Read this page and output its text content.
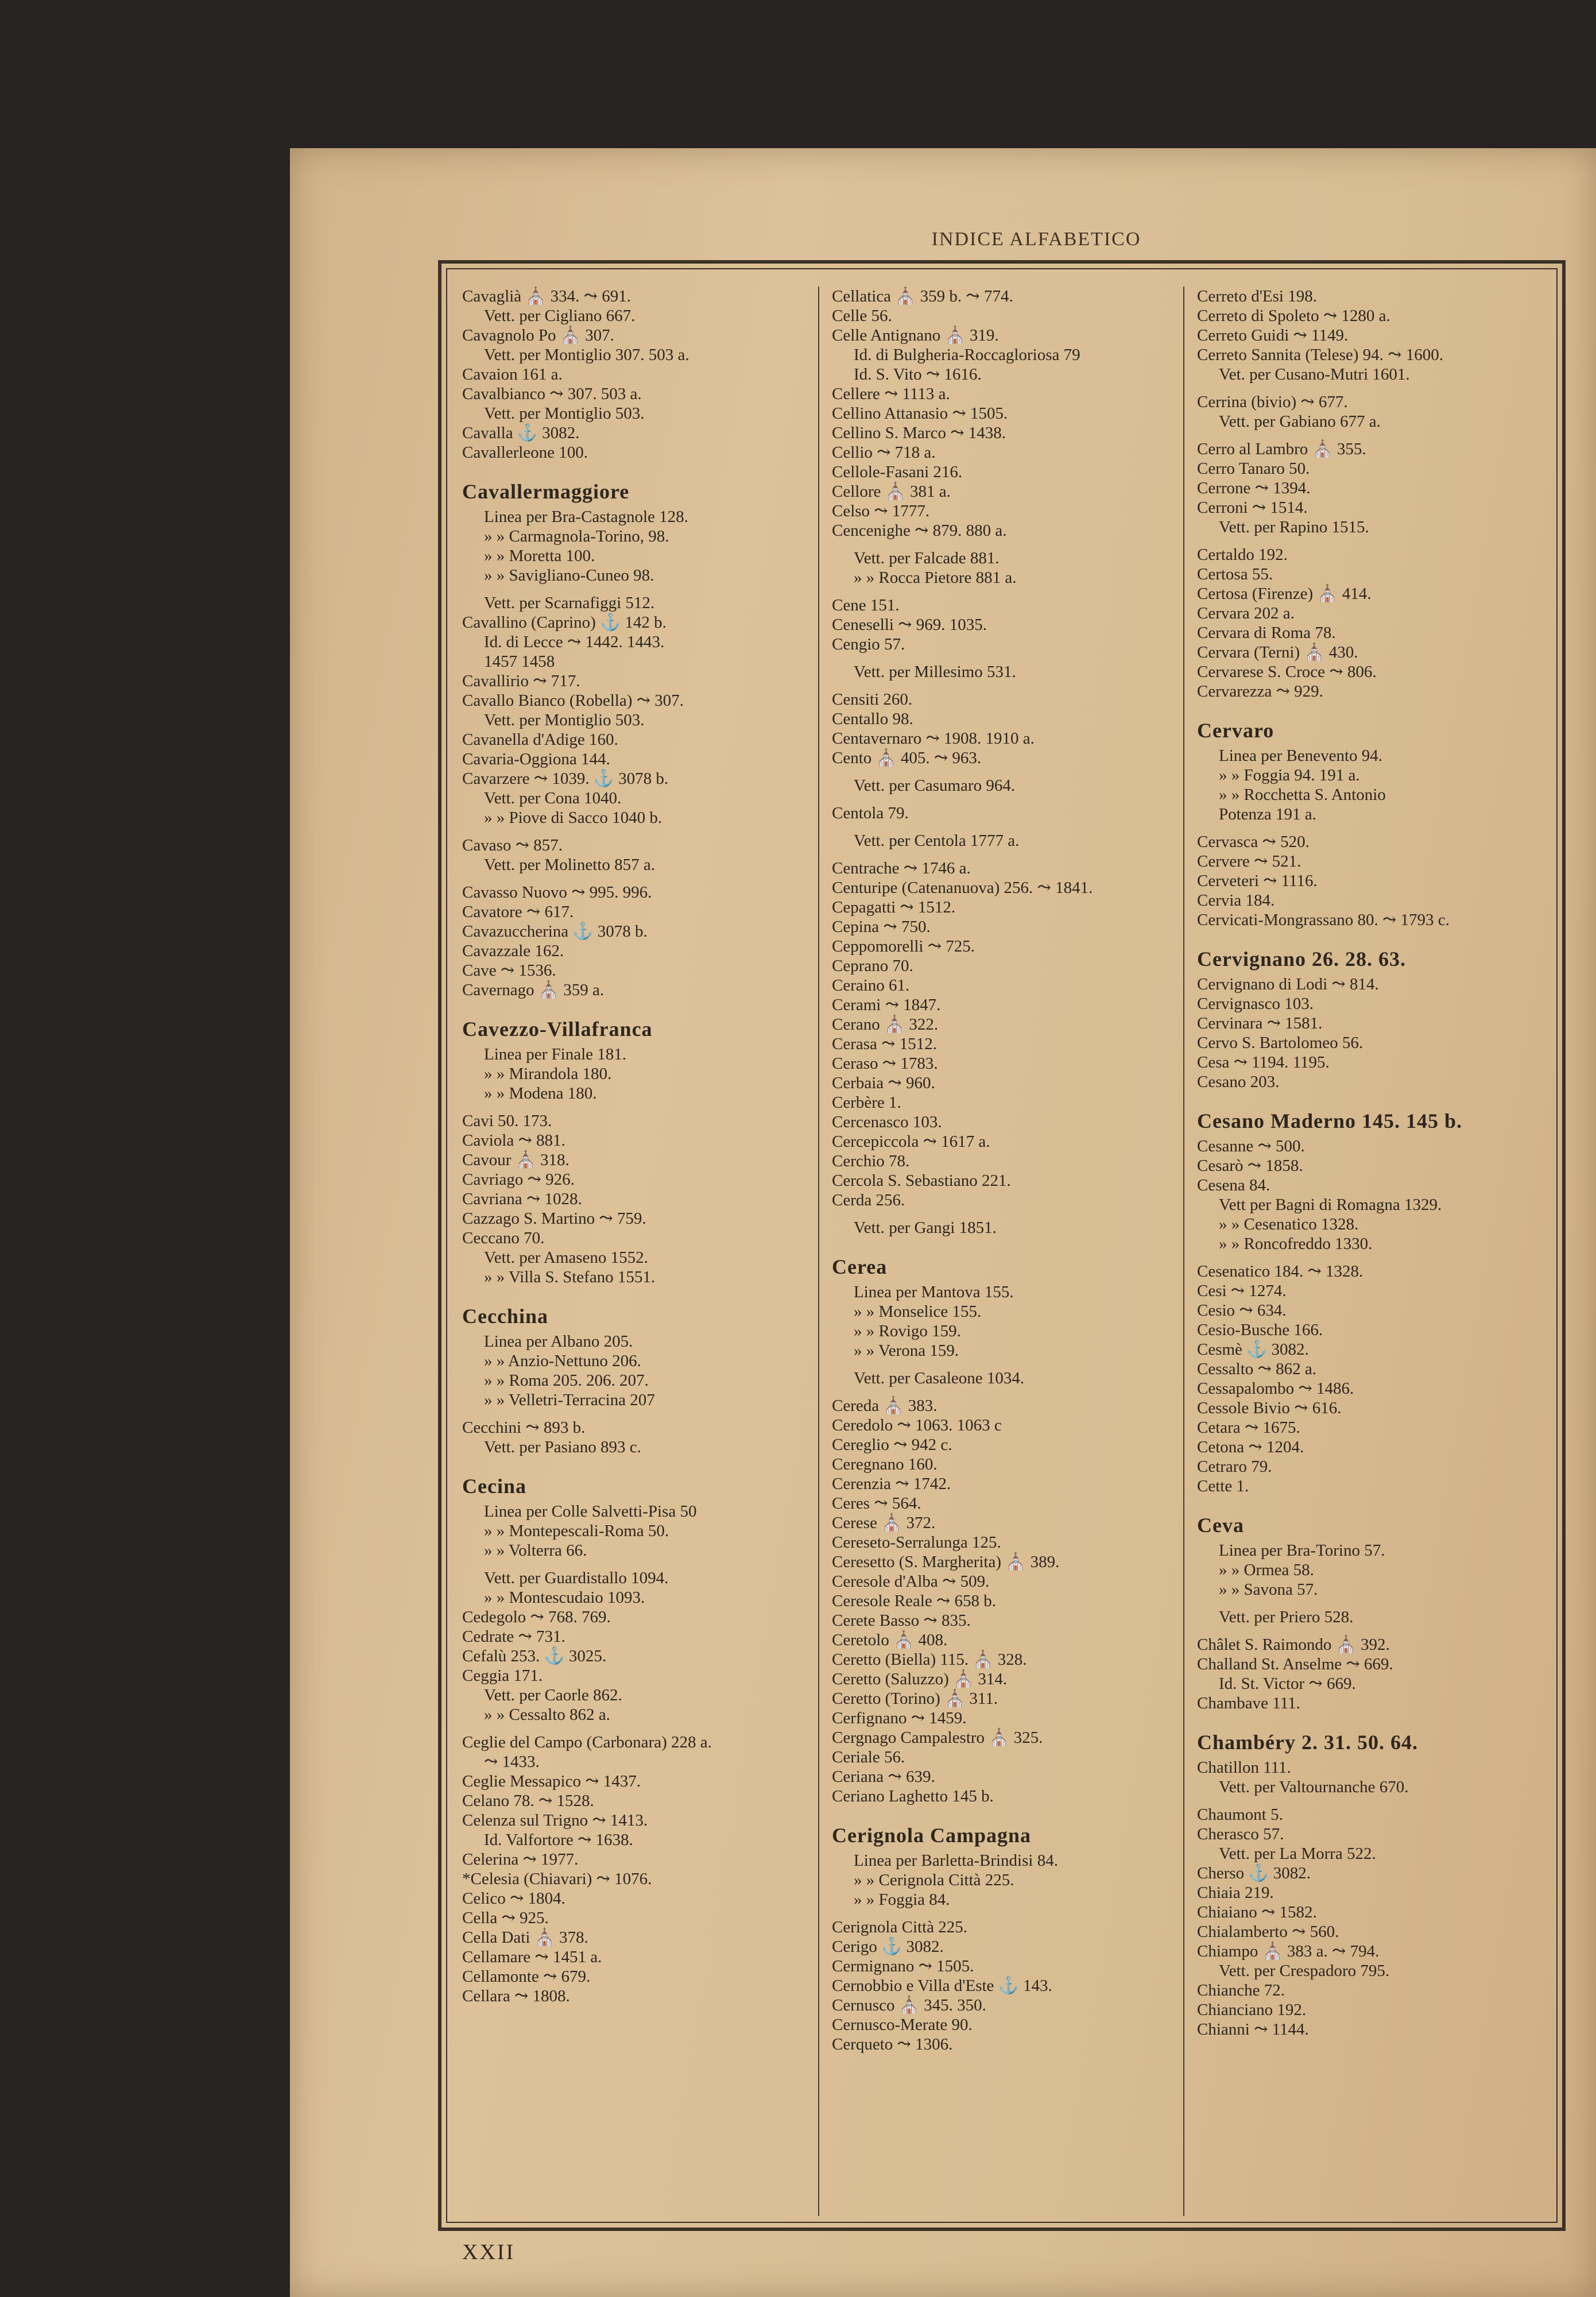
INDICE ALFABETICO
Cavaglià ⛪ 334. ⤳ 691.
Vett. per Cigliano 667.
Cavagnolo Po ⛪ 307.
Vett. per Montiglio 307. 503 a.
Cavaion 161 a.
Cavalbianco ⤳ 307. 503 a.
Vett. per Montiglio 503.
Cavalla ⚓ 3082.
Cavallerleone 100.
Cavallermaggiore
Linea per Bra-Castagnole 128.
» » Carmagnola-Torino, 98.
» » Moretta 100.
» » Savigliano-Cuneo 98.
Vett. per Scarnafiggi 512.
Cavallino (Caprino) ⚓ 142 b.
Id. di Lecce ⤳ 1442. 1443.
1457 1458
Cavallirio ⤳ 717.
Cavallo Bianco (Robella) ⤳ 307.
Vett. per Montiglio 503.
Cavanella d'Adige 160.
Cavaria-Oggiona 144.
Cavarzere ⤳ 1039. ⚓ 3078 b.
Vett. per Cona 1040.
» » Piove di Sacco 1040 b.
Cavaso ⤳ 857.
Vett. per Molinetto 857 a.
Cavasso Nuovo ⤳ 995. 996.
Cavatore ⤳ 617.
Cavazuccherina ⚓ 3078 b.
Cavazzale 162.
Cave ⤳ 1536.
Cavernago ⛪ 359 a.
Cavezzo-Villafranca
Linea per Finale 181.
» » Mirandola 180.
» » Modena 180.
Cavi 50. 173.
Caviola ⤳ 881.
Cavour ⛪ 318.
Cavriago ⤳ 926.
Cavriana ⤳ 1028.
Cazzago S. Martino ⤳ 759.
Ceccano 70.
Vett. per Amaseno 1552.
» » Villa S. Stefano 1551.
Cecchina
Linea per Albano 205.
» » Anzio-Nettuno 206.
» » Roma 205. 206. 207.
» » Velletri-Terracina 207
Cecchini ⤳ 893 b.
Vett. per Pasiano 893 c.
Cecina
Linea per Colle Salvetti-Pisa 50
» » Montepescali-Roma 50.
» » Volterra 66.
Vett. per Guardistallo 1094.
» » Montescudaio 1093.
Cedegolo ⤳ 768. 769.
Cedrate ⤳ 731.
Cefalù 253. ⚓ 3025.
Ceggia 171.
Vett. per Caorle 862.
» » Cessalto 862 a.
Ceglie del Campo (Carbonara) 228 a.
⤳ 1433.
Ceglie Messapico ⤳ 1437.
Celano 78. ⤳ 1528.
Celenza sul Trigno ⤳ 1413.
Id. Valfortore ⤳ 1638.
Celerina ⤳ 1977.
*Celesia (Chiavari) ⤳ 1076.
Celico ⤳ 1804.
Cella ⤳ 925.
Cella Dati ⛪ 378.
Cellamare ⤳ 1451 a.
Cellamonte ⤳ 679.
Cellara ⤳ 1808.
Cellatica ⛪ 359 b. ⤳ 774.
Celle 56.
Celle Antignano ⛪ 319.
Id. di Bulgheria-Roccagloriosa 79
Id. S. Vito ⤳ 1616.
Cellere ⤳ 1113 a.
Cellino Attanasio ⤳ 1505.
Cellino S. Marco ⤳ 1438.
Cellio ⤳ 718 a.
Cellole-Fasani 216.
Cellore ⛪ 381 a.
Celso ⤳ 1777.
Cencenighe ⤳ 879. 880 a.
Vett. per Falcade 881.
» » Rocca Pietore 881 a.
Cene 151.
Ceneselli ⤳ 969. 1035.
Cengio 57.
Vett. per Millesimo 531.
Censiti 260.
Centallo 98.
Centavernaro ⤳ 1908. 1910 a.
Cento ⛪ 405. ⤳ 963.
Vett. per Casumaro 964.
Centola 79.
Vett. per Centola 1777 a.
Centrache ⤳ 1746 a.
Centuripe (Catenanuova) 256. ⤳ 1841.
Cepagatti ⤳ 1512.
Cepina ⤳ 750.
Ceppomorelli ⤳ 725.
Ceprano 70.
Ceraino 61.
Cerami ⤳ 1847.
Cerano ⛪ 322.
Cerasa ⤳ 1512.
Ceraso ⤳ 1783.
Cerbaia ⤳ 960.
Cerbère 1.
Cercenasco 103.
Cercepiccola ⤳ 1617 a.
Cerchio 78.
Cercola S. Sebastiano 221.
Cerda 256.
Vett. per Gangi 1851.
Cerea
Linea per Mantova 155.
» » Monselice 155.
» » Rovigo 159.
» » Verona 159.
Vett. per Casaleone 1034.
Cereda ⛪ 383.
Ceredolo ⤳ 1063. 1063 c
Cereglio ⤳ 942 c.
Ceregnano 160.
Cerenzia ⤳ 1742.
Ceres ⤳ 564.
Cerese ⛪ 372.
Cereseto-Serralunga 125.
Ceresetto (S. Margherita) ⛪ 389.
Ceresole d'Alba ⤳ 509.
Ceresole Reale ⤳ 658 b.
Cerete Basso ⤳ 835.
Ceretolo ⛪ 408.
Ceretto (Biella) 115. ⛪ 328.
Ceretto (Saluzzo) ⛪ 314.
Ceretto (Torino) ⛪ 311.
Cerfignano ⤳ 1459.
Cergnago Campalestro ⛪ 325.
Ceriale 56.
Ceriana ⤳ 639.
Ceriano Laghetto 145 b.
Cerignola Campagna
Linea per Barletta-Brindisi 84.
» » Cerignola Città 225.
» » Foggia 84.
Cerignola Città 225.
Cerigo ⚓ 3082.
Cermignano ⤳ 1505.
Cernobbio e Villa d'Este ⚓ 143.
Cernusco ⛪ 345. 350.
Cernusco-Merate 90.
Cerqueto ⤳ 1306.
Cerreto d'Esi 198.
Cerreto di Spoleto ⤳ 1280 a.
Cerreto Guidi ⤳ 1149.
Cerreto Sannita (Telese) 94. ⤳ 1600.
Vet. per Cusano-Mutri 1601.
Cerrina (bivio) ⤳ 677.
Vett. per Gabiano 677 a.
Cerro al Lambro ⛪ 355.
Cerro Tanaro 50.
Cerrone ⤳ 1394.
Cerroni ⤳ 1514.
Vett. per Rapino 1515.
Certaldo 192.
Certosa 55.
Certosa (Firenze) ⛪ 414.
Cervara 202 a.
Cervara di Roma 78.
Cervara (Terni) ⛪ 430.
Cervarese S. Croce ⤳ 806.
Cervarezza ⤳ 929.
Cervaro
Linea per Benevento 94.
» » Foggia 94. 191 a.
» » Rocchetta S. Antonio
Potenza 191 a.
Cervasca ⤳ 520.
Cervere ⤳ 521.
Cerveteri ⤳ 1116.
Cervia 184.
Cervicati-Mongrassano 80. ⤳ 1793 c.
Cervignano 26. 28. 63.
Cervignano di Lodi ⤳ 814.
Cervignasco 103.
Cervinara ⤳ 1581.
Cervo S. Bartolomeo 56.
Cesa ⤳ 1194. 1195.
Cesano 203.
Cesano Maderno 145. 145 b.
Cesanne ⤳ 500.
Cesarò ⤳ 1858.
Cesena 84.
Vett per Bagni di Romagna 1329.
» » Cesenatico 1328.
» » Roncofreddo 1330.
Cesenatico 184. ⤳ 1328.
Cesi ⤳ 1274.
Cesio ⤳ 634.
Cesio-Busche 166.
Cesmè ⚓ 3082.
Cessalto ⤳ 862 a.
Cessapalombo ⤳ 1486.
Cessole Bivio ⤳ 616.
Cetara ⤳ 1675.
Cetona ⤳ 1204.
Cetraro 79.
Cette 1.
Ceva
Linea per Bra-Torino 57.
» » Ormea 58.
» » Savona 57.
Vett. per Priero 528.
Châlet S. Raimondo ⛪ 392.
Challand St. Anselme ⤳ 669.
Id. St. Victor ⤳ 669.
Chambave 111.
Chambéry 2. 31. 50. 64.
Chatillon 111.
Vett. per Valtournanche 670.
Chaumont 5.
Cherasco 57.
Vett. per La Morra 522.
Cherso ⚓ 3082.
Chiaia 219.
Chiaiano ⤳ 1582.
Chialamberto ⤳ 560.
Chiampo ⛪ 383 a. ⤳ 794.
Vett. per Crespadoro 795.
Chianche 72.
Chianciano 192.
Chianni ⤳ 1144.
XXII
